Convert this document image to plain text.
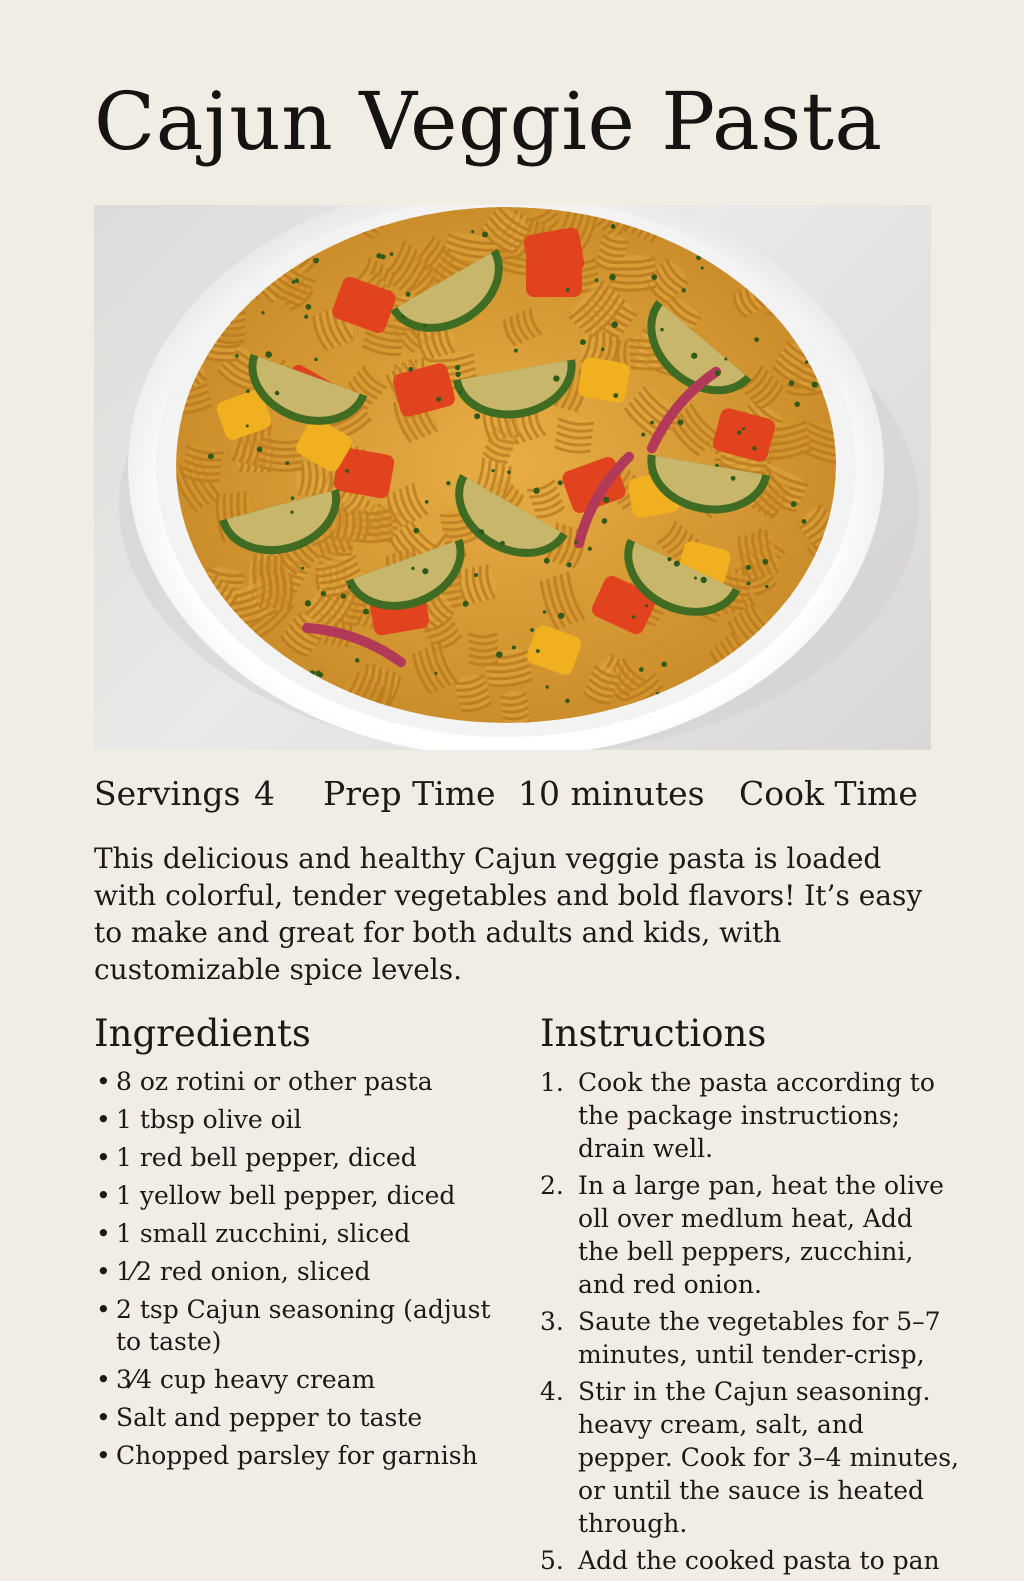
Cajun Veggie Pasta
Servings 4 Prep Time 10 minutes Cook Time

This delicious and healthy Cajun veggie pasta is loaded with colorful, tender vegetables and bold flavors! It’s easy to make and great for both adults and kids, with customizable spice levels.

Ingredients
• 8 oz rotini or other pasta
• 1 tbsp olive oil
• 1 red bell pepper, diced
• 1 yellow bell pepper, diced
• 1 small zucchini, sliced
• 1⁄2 red onion, sliced
• 2 tsp Cajun seasoning (adjust to taste)
• 3⁄4 cup heavy cream
• Salt and pepper to taste
• Chopped parsley for garnish
Instructions
1. Cook the pasta according to the package instructions; drain well.
2. In a large pan, heat the olive oll over medlum heat, Add the bell peppers, zucchini, and red onion.
3. Saute the vegetables for 5–7 minutes, until tender-crisp,
4. Stir in the Cajun seasoning. heavy cream, salt, and pepper. Cook for 3–4 minutes, or until the sauce is heated through.
5. Add the cooked pasta to pan
